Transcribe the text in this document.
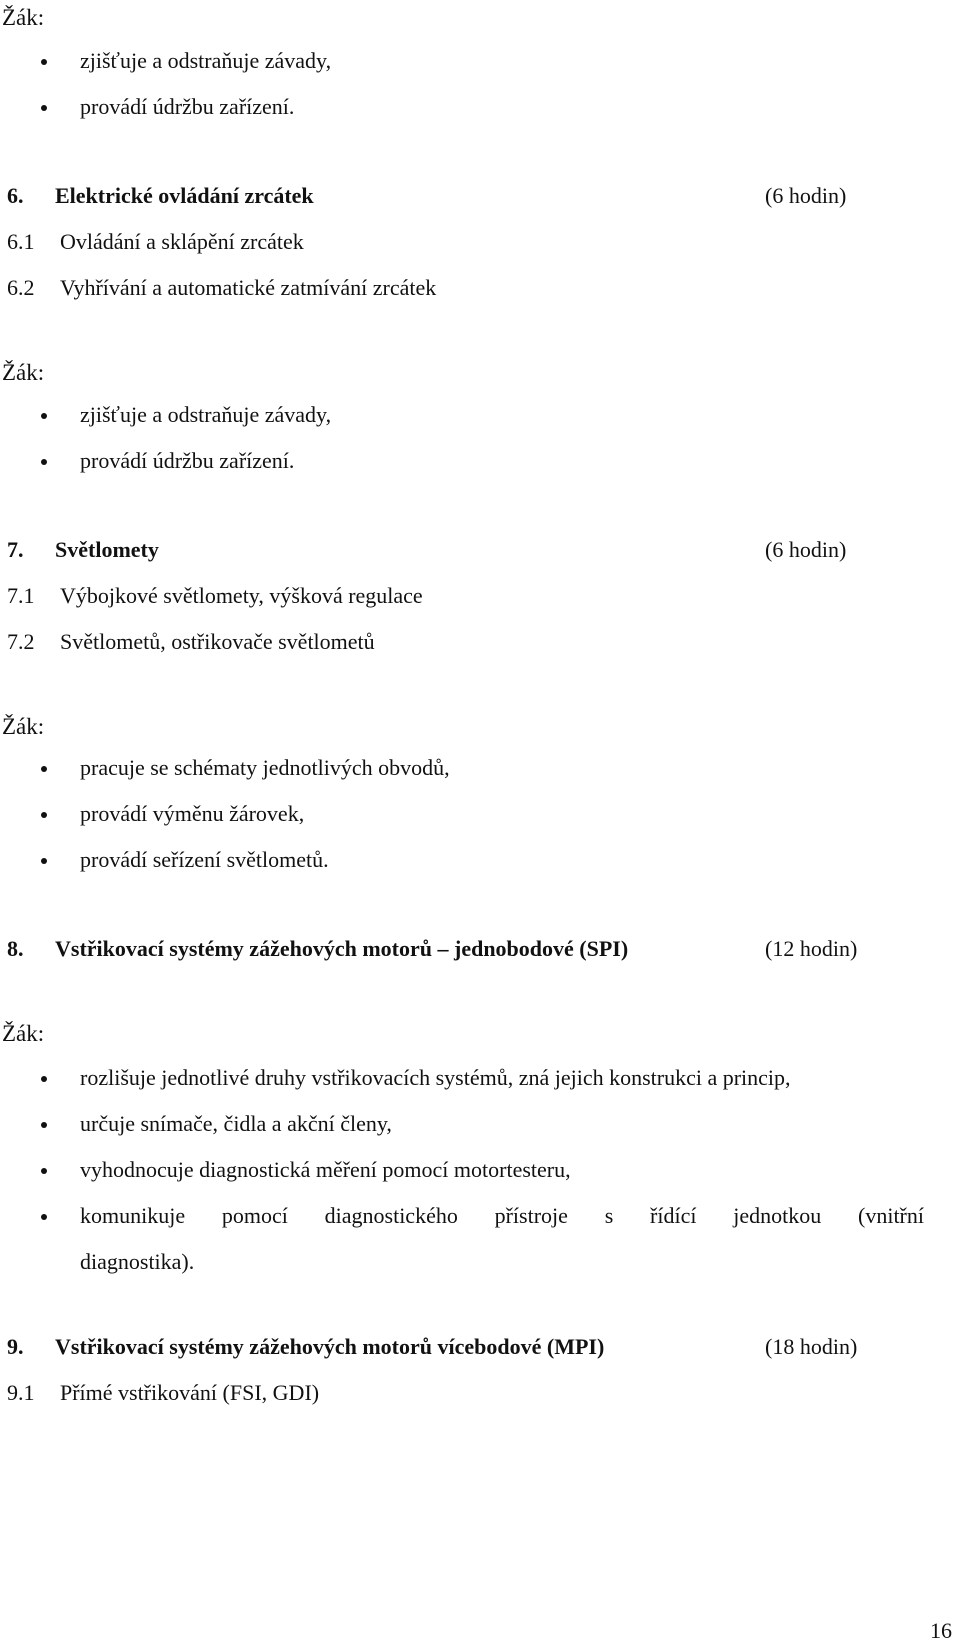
Žák:
zjišťuje a odstraňuje závady,
provádí údržbu zařízení.
6. Elektrické ovládání zrcátek	(6 hodin)
6.1 Ovládání a sklápění zrcátek
6.2 Vyhřívání a automatické zatmívání zrcátek
Žák:
zjišťuje a odstraňuje závady,
provádí údržbu zařízení.
7. Světlomety	(6 hodin)
7.1 Výbojkové světlomety, výšková regulace
7.2 Světlometů, ostřikovače světlometů
Žák:
pracuje se schématy jednotlivých obvodů,
provádí výměnu žárovek,
provádí seřízení světlometů.
8. Vstřikovací systémy zážehových motorů – jednobodové (SPI)	(12 hodin)
Žák:
rozlišuje jednotlivé druhy vstřikovacích systémů, zná jejich konstrukci a princip,
určuje snímače, čidla a akční členy,
vyhodnocuje diagnostická měření pomocí motortesteru,
komunikuje pomocí diagnostického přístroje s řídící jednotkou (vnitřní
diagnostika).
9. Vstřikovací systémy zážehových motorů vícebodové (MPI)	(18 hodin)
9.1 Přímé vstřikování (FSI, GDI)
16
